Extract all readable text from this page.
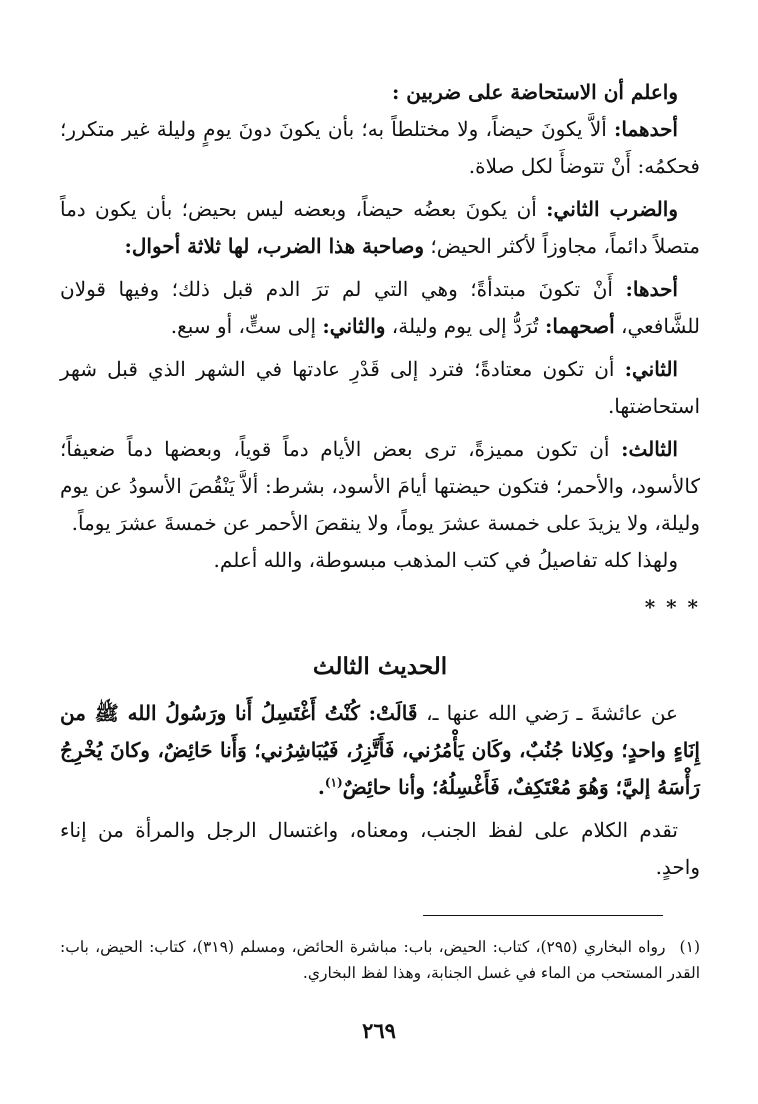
واعلم أن الاستحاضة على ضربين :

أحدهما: ألاَّ يكونَ حيضاً، ولا مختلطاً به؛ بأن يكونَ دونَ يومٍ وليلة غير متكرر؛ فحكمُه: أَنْ تتوضأَ لكل صلاة.

والضرب الثاني: أن يكونَ بعضُه حيضاً، وبعضه ليس بحيض؛ بأن يكون دماً متصلاً دائماً، مجاوزاً لأكثر الحيض؛ وصاحبة هذا الضرب، لها ثلاثة أحوال:

أحدها: أَنْ تكونَ مبتدأةً؛ وهي التي لم ترَ الدم قبل ذلك؛ وفيها قولان للشَّافعي، أصحهما: تُرَدُّ إلى يوم وليلة، والثاني: إلى ستٍّ، أو سبع.

الثاني: أن تكون معتادةً؛ فترد إلى قَدْرِ عادتها في الشهر الذي قبل شهر استحاضتها.

الثالث: أن تكون مميزةً، ترى بعض الأيام دماً قوياً، وبعضها دماً ضعيفاً؛ كالأسود، والأحمر؛ فتكون حيضتها أيامَ الأسود، بشرط: ألاَّ يَنْقُصَ الأسودُ عن يوم وليلة، ولا يزيدَ على خمسة عشرَ يوماً، ولا ينقصَ الأحمر عن خمسةَ عشرَ يوماً.

ولهذا كله تفاصيلُ في كتب المذهب مبسوطة، والله أعلم.

* * *

الحديث الثالث

عن عائشةَ ـ رَضي الله عنها ـ، قَالَتْ: كُنْتُ أَغْتَسِلُ أَنا ورَسُولُ الله ﷺ من إِنَاءٍ واحدٍ؛ وكِلانا جُنُبٌ، وكَان يَأْمُرُني، فَأَتَّزِرُ، فَيُبَاشِرُني؛ وَأَنا حَائِضٌ، وكانَ يُخْرِجُ رَأْسَهُ إليَّ؛ وَهُوَ مُعْتَكِفٌ، فَأَغْسِلُهُ؛ وأنا حائِضٌ$^{(١)}$.

تقدم الكلام على لفظ الجنب، ومعناه، واغتسال الرجل والمرأة من إناء واحدٍ.

(١)رواه البخاري (٢٩٥)، كتاب: الحيض، باب: مباشرة الحائض، ومسلم (٣١٩)، كتاب: الحيض، باب: القدر المستحب من الماء في غسل الجنابة، وهذا لفظ البخاري.

٢٦٩
